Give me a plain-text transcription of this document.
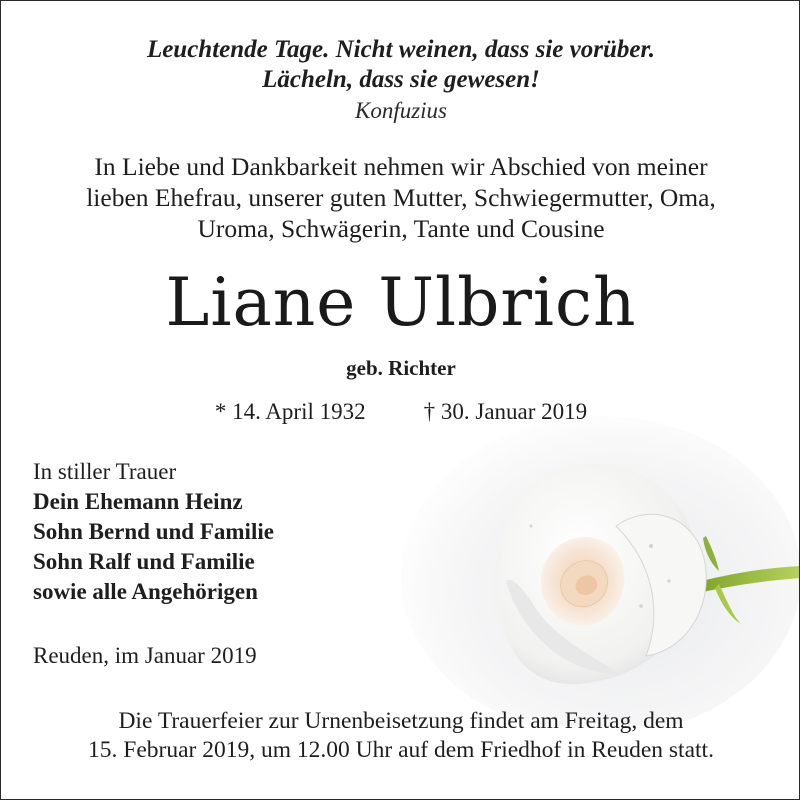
Leuchtende Tage. Nicht weinen, dass sie vorüber.
Lächeln, dass sie gewesen!
Konfuzius
In Liebe und Dankbarkeit nehmen wir Abschied von meiner
lieben Ehefrau, unserer guten Mutter, Schwiegermutter, Oma,
Uroma, Schwägerin, Tante und Cousine
Liane Ulbrich
geb. Richter
* 14. April 1932	† 30. Januar 2019
In stiller Trauer
Dein Ehemann Heinz
Sohn Bernd und Familie
Sohn Ralf und Familie
sowie alle Angehörigen
Reuden, im Januar 2019
Die Trauerfeier zur Urnenbeisetzung findet am Freitag, dem
15. Februar 2019, um 12.00 Uhr auf dem Friedhof in Reuden statt.
